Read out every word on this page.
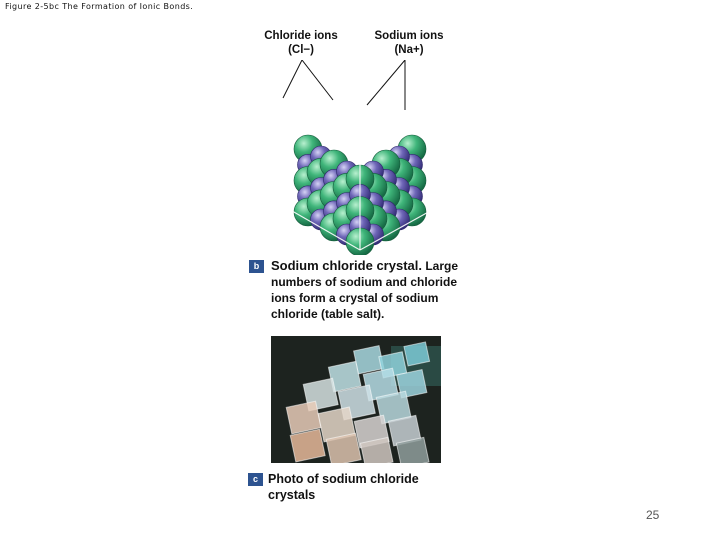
Figure 2-5bc The Formation of Ionic Bonds.
Chloride ions
(Cl−)
Sodium ions
(Na+)
b Sodium chloride crystal. Large numbers of sodium and chloride ions form a crystal of sodium chloride (table salt).
c Photo of sodium chloride crystals
25
